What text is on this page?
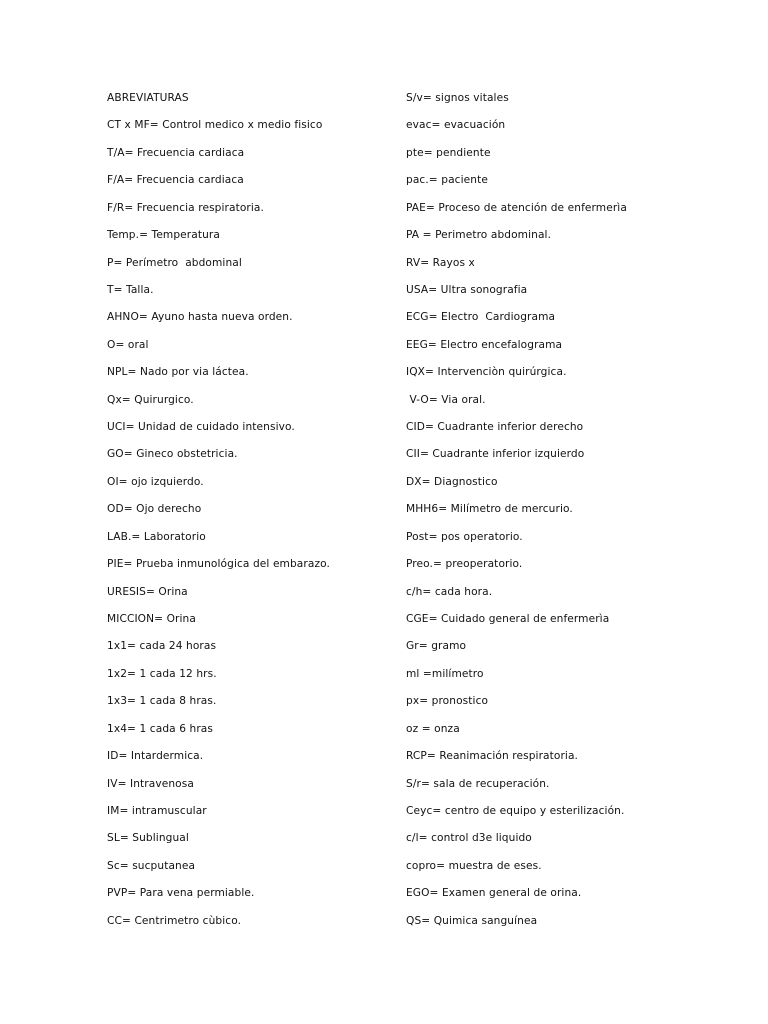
ABREVIATURAS
CT x MF= Control medico x medio fisico
T/A= Frecuencia cardiaca
F/A= Frecuencia cardiaca
F/R= Frecuencia respiratoria.
Temp.= Temperatura
P= Perímetro  abdominal
T= Talla.
AHNO= Ayuno hasta nueva orden.
O= oral
NPL= Nado por via láctea.
Qx= Quirurgico.
UCI= Unidad de cuidado intensivo.
GO= Gineco obstetricia.
OI= ojo izquierdo.
OD= Ojo derecho
LAB.= Laboratorio
PIE= Prueba inmunológica del embarazo.
URESIS= Orina
MICCION= Orina
1x1= cada 24 horas
1x2= 1 cada 12 hrs.
1x3= 1 cada 8 hras.
1x4= 1 cada 6 hras
ID= Intardermica.
IV= Intravenosa
IM= intramuscular
SL= Sublingual
Sc= sucputanea
PVP= Para vena permiable.
CC= Centrimetro cùbico.
S/v= signos vitales
evac= evacuación
pte= pendiente
pac.= paciente
PAE= Proceso de atención de enfermerìa
PA = Perimetro abdominal.
RV= Rayos x
USA= Ultra sonografia
ECG= Electro  Cardiograma
EEG= Electro encefalograma
IQX= Intervenciòn quirúrgica.
V-O= Via oral.
CID= Cuadrante inferior derecho
CII= Cuadrante inferior izquierdo
DX= Diagnostico
MHH6= Milímetro de mercurio.
Post= pos operatorio.
Preo.= preoperatorio.
c/h= cada hora.
CGE= Cuidado general de enfermerìa
Gr= gramo
ml =milímetro
px= pronostico
oz = onza
RCP= Reanimación respiratoria.
S/r= sala de recuperación.
Ceyc= centro de equipo y esterilización.
c/l= control d3e liquido
copro= muestra de eses.
EGO= Examen general de orina.
QS= Quimica sanguínea
